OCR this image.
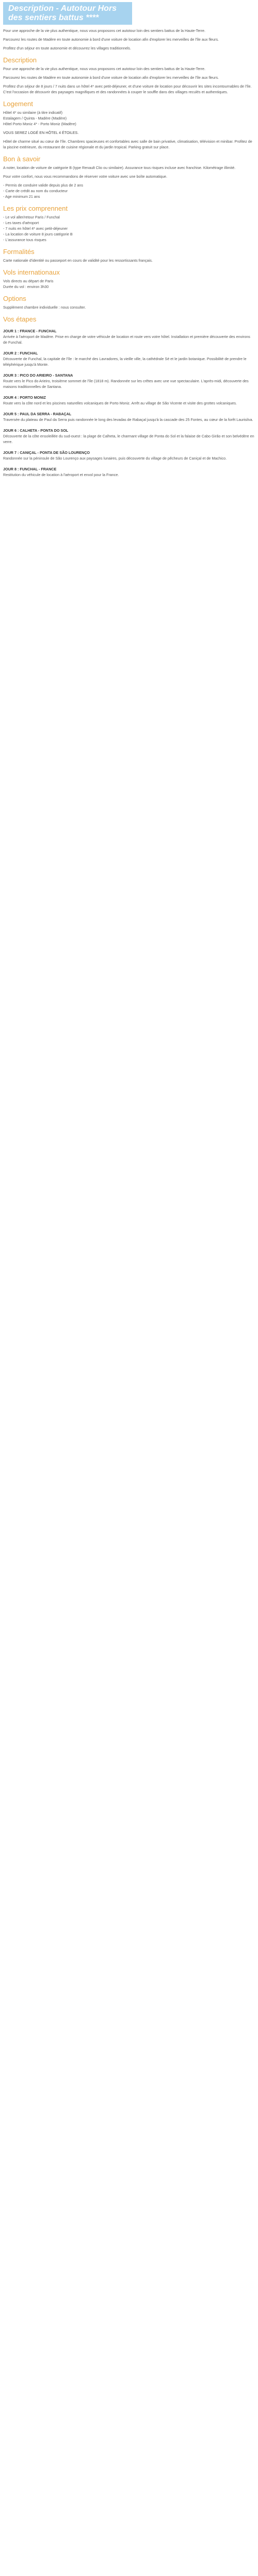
Description - Autotour Hors des sentiers battus ****

Pour une approche de la vie plus authentique, nous vous proposons cet autotour loin des sentiers battus de la Haute-Terre.

Parcourez les routes de Madère en toute autonomie à bord d'une voiture de location afin d'explorer les merveilles de l'île aux fleurs.

Profitez d'un séjour en toute autonomie et découvrez les villages traditionnels.

Description

Pour une approche de la vie plus authentique, nous vous proposons cet autotour loin des sentiers battus de la Haute-Terre.

Parcourez les routes de Madère en toute autonomie à bord d'une voiture de location afin d'explorer les merveilles de l'île aux fleurs.

Profitez d'un séjour de 8 jours / 7 nuits dans un hôtel 4* avec petit-déjeuner, et d'une voiture de location pour découvrir les sites incontournables de l'île. C'est l'occasion de découvrir des paysages magnifiques et des randonnées à couper le souffle dans des villages reculés et authentiques.

Logement

Hôtel 4* ou similaire (à titre indicatif)

Estalagem / Quinta - Madère (Madère)

Hôtel Porto Moniz 4* - Porto Moniz (Madère)

VOUS SEREZ LOGÉ EN HÔTEL 4 ÉTOILES.

Hôtel de charme situé au cœur de l'île. Chambres spacieuses et confortables avec salle de bain privative, climatisation, télévision et minibar. Profitez de la piscine extérieure, du restaurant de cuisine régionale et du jardin tropical. Parking gratuit sur place.

Bon à savoir

A noter, location de voiture de catégorie B (type Renault Clio ou similaire). Assurance tous risques incluse avec franchise. Kilométrage illimité.

Pour votre confort, nous vous recommandons de réserver votre voiture avec une boîte automatique.

- Permis de conduire valide depuis plus de 2 ans

- Carte de crédit au nom du conducteur

- Age minimum 21 ans

Les prix comprennent

- Le vol aller/retour Paris / Funchal

- Les taxes d'aéroport

- 7 nuits en hôtel 4* avec petit-déjeuner

- La location de voiture 8 jours catégorie B

- L'assurance tous risques

Formalités

Carte nationale d'identité ou passeport en cours de validité pour les ressortissants français.

Vols internationaux

Vols directs au départ de Paris

Durée du vol : environ 3h30

Options

Supplément chambre individuelle : nous consulter.

Vos étapes
JOUR 1 : FRANCE - FUNCHAL

Arrivée à l'aéroport de Madère. Prise en charge de votre véhicule de location et route vers votre hôtel. Installation et première découverte des environs de Funchal.

JOUR 2 : FUNCHAL

Découverte de Funchal, la capitale de l'île : le marché des Lavradores, la vieille ville, la cathédrale Sé et le jardin botanique. Possibilité de prendre le téléphérique jusqu'à Monte.

JOUR 3 : PICO DO ARIEIRO - SANTANA

Route vers le Pico do Arieiro, troisième sommet de l'île (1818 m). Randonnée sur les crêtes avec une vue spectaculaire. L'après-midi, découverte des maisons traditionnelles de Santana.

JOUR 4 : PORTO MONIZ

Route vers la côte nord et les piscines naturelles volcaniques de Porto Moniz. Arrêt au village de São Vicente et visite des grottes volcaniques.

JOUR 5 : PAUL DA SERRA - RABAÇAL

Traversée du plateau de Paul da Serra puis randonnée le long des levadas de Rabaçal jusqu'à la cascade des 25 Fontes, au cœur de la forêt Laurisilva.

JOUR 6 : CALHETA - PONTA DO SOL

Découverte de la côte ensoleillée du sud-ouest : la plage de Calheta, le charmant village de Ponta do Sol et la falaise de Cabo Girão et son belvédère en verre.

JOUR 7 : CANIÇAL - PONTA DE SÃO LOURENÇO

Randonnée sur la péninsule de São Lourenço aux paysages lunaires, puis découverte du village de pêcheurs de Caniçal et de Machico.

JOUR 8 : FUNCHAL - FRANCE

Restitution du véhicule de location à l'aéroport et envol pour la France.
